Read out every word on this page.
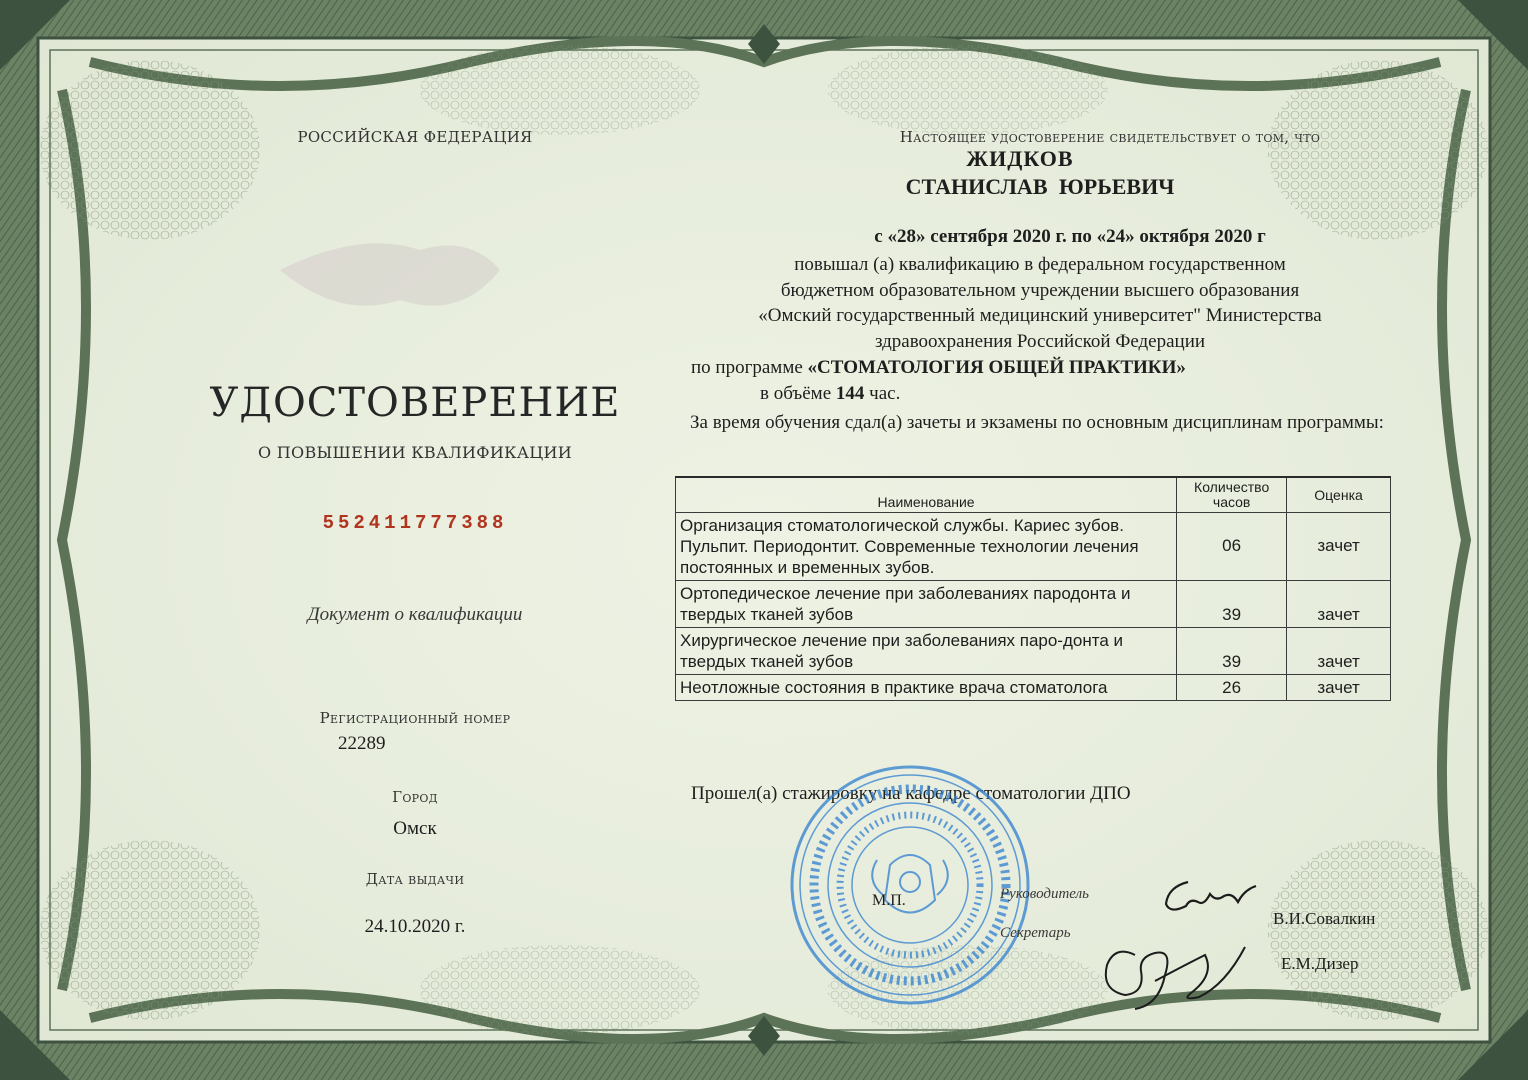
РОССИЙСКАЯ ФЕДЕРАЦИЯ
УДОСТОВЕРЕНИЕ
О ПОВЫШЕНИИ КВАЛИФИКАЦИИ
552411777388
Документ о квалификации
Регистрационный номер
22289
Город
Омск
Дата выдачи
24.10.2020 г.
Настоящее удостоверение свидетельствует о том, что
ЖИДКОВ
СТАНИСЛАВ ЮРЬЕВИЧ
с «28» сентября 2020 г. по «24» октября 2020 г
повышал (а) квалификацию в федеральном государственном
бюджетном образовательном учреждении высшего образования
«Омский государственный медицинский университет" Министерства
здравоохранения Российской Федерации
по программе «СТОМАТОЛОГИЯ ОБЩЕЙ ПРАКТИКИ»
в объёме 144 час.
За время обучения сдал(а) зачеты и экзамены по основным дисциплинам программы:
Наименование	Количество часов	Оценка
Организация стоматологической службы. Кариес зубов. Пульпит. Периодонтит. Современные технологии лечения постоянных и временных зубов.	06	зачет
Ортопедическое лечение при заболеваниях пародонта и твердых тканей зубов	39	зачет
Хирургическое лечение при заболеваниях паро-донта и твердых тканей зубов	39	зачет
Неотложные состояния в практике врача стоматолога	26	зачет
Прошел(а) стажировку на кафедре стоматологии ДПО
М.П.	Руководитель
Секретарь
В.И.Совалкин
Е.М.Дизер
